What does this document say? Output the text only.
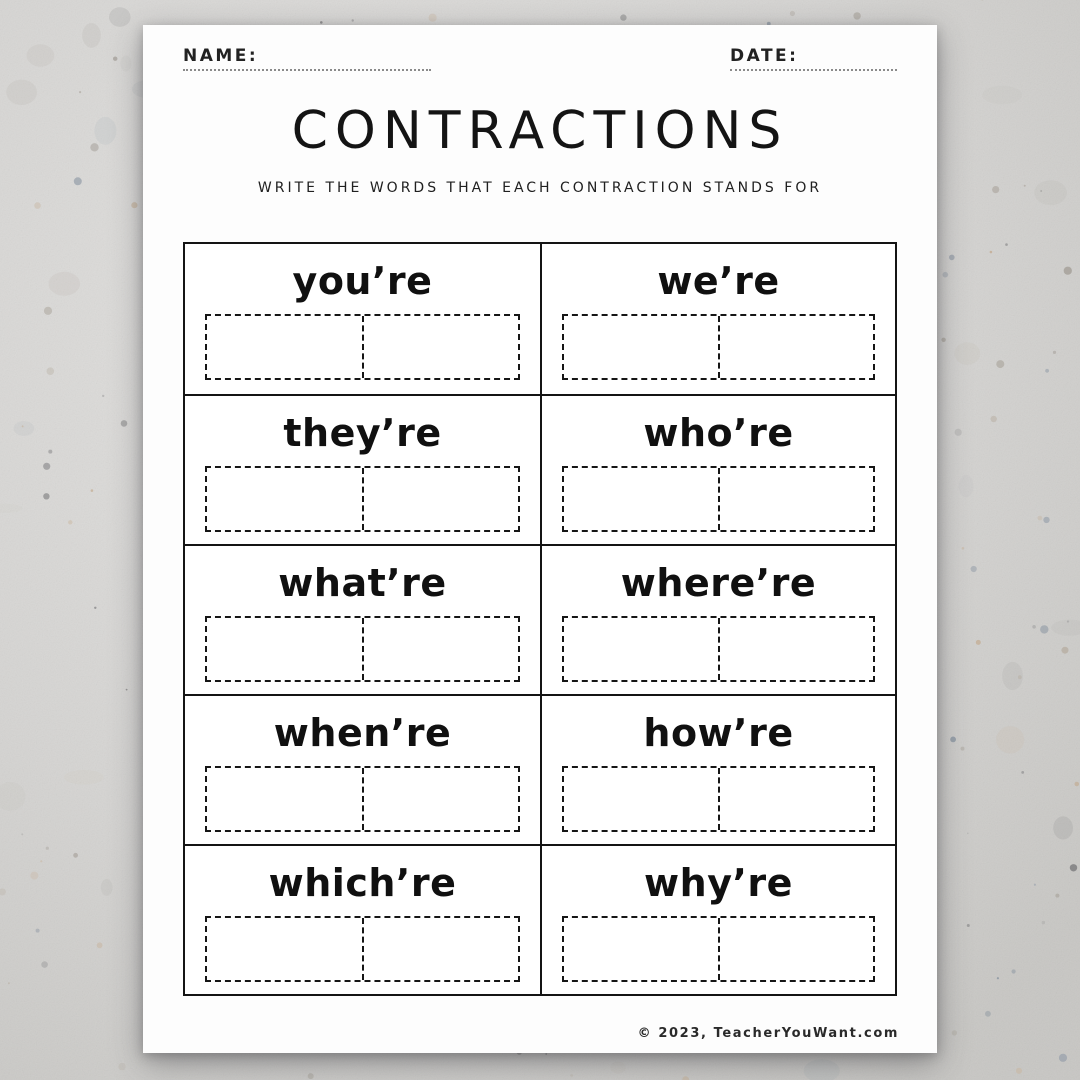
NAME:	DATE:
CONTRACTIONS
WRITE THE WORDS THAT EACH CONTRACTION STANDS FOR
you’re	we’re
they’re	who’re
what’re	where’re
when’re	how’re
which’re	why’re
© 2023, TeacherYouWant.com
